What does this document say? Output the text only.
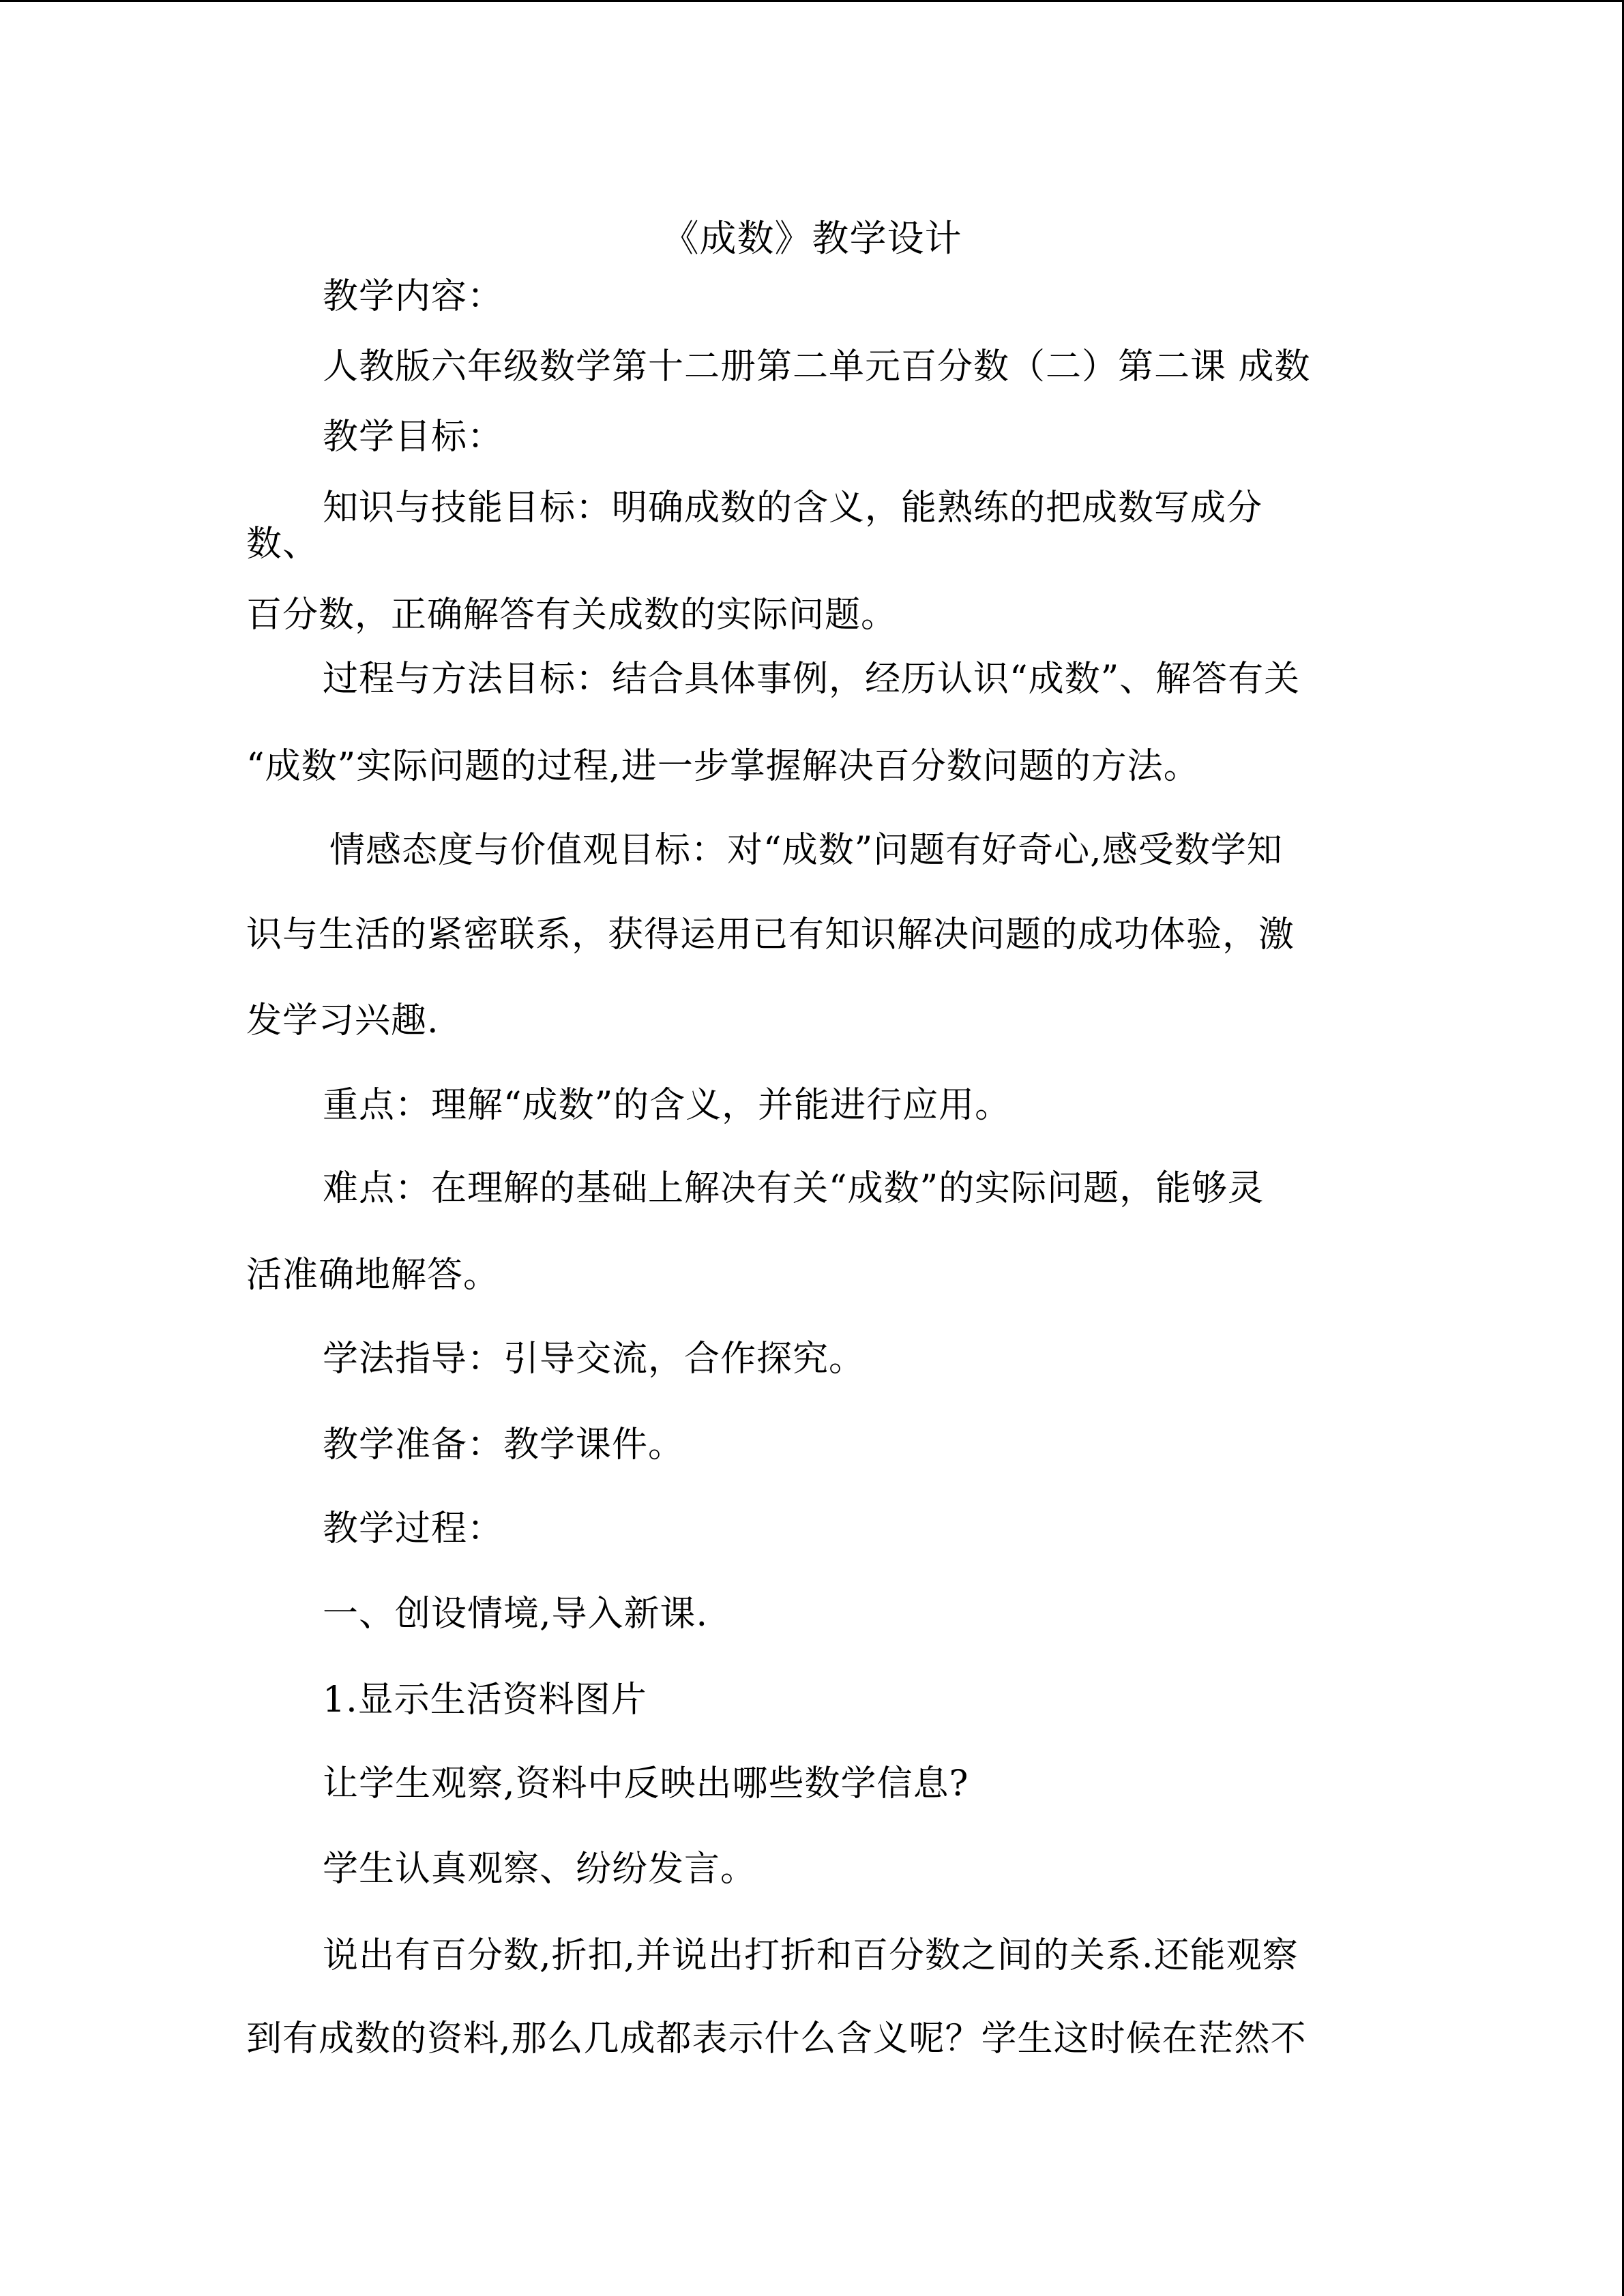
《成数》教学设计
教学内容：
人教版六年级数学第十二册第二单元百分数（二）第二课 成数
教学目标：
知识与技能目标：明确成数的含义，能熟练的把成数写成分
数、
百分数，正确解答有关成数的实际问题。
过程与方法目标：结合具体事例，经历认识“成数”、解答有关
“成数”实际问题的过程,进一步掌握解决百分数问题的方法。
情感态度与价值观目标：对“成数”问题有好奇心,感受数学知
识与生活的紧密联系，获得运用已有知识解决问题的成功体验，激
发学习兴趣.
重点：理解“成数”的含义，并能进行应用。
难点：在理解的基础上解决有关“成数”的实际问题，能够灵
活准确地解答。
学法指导：引导交流，合作探究。
教学准备：教学课件。
教学过程：
一、创设情境,导入新课.
1.显示生活资料图片
让学生观察,资料中反映出哪些数学信息?
学生认真观察、纷纷发言。
说出有百分数,折扣,并说出打折和百分数之间的关系.还能观察
到有成数的资料,那么几成都表示什么含义呢？学生这时候在茫然不
